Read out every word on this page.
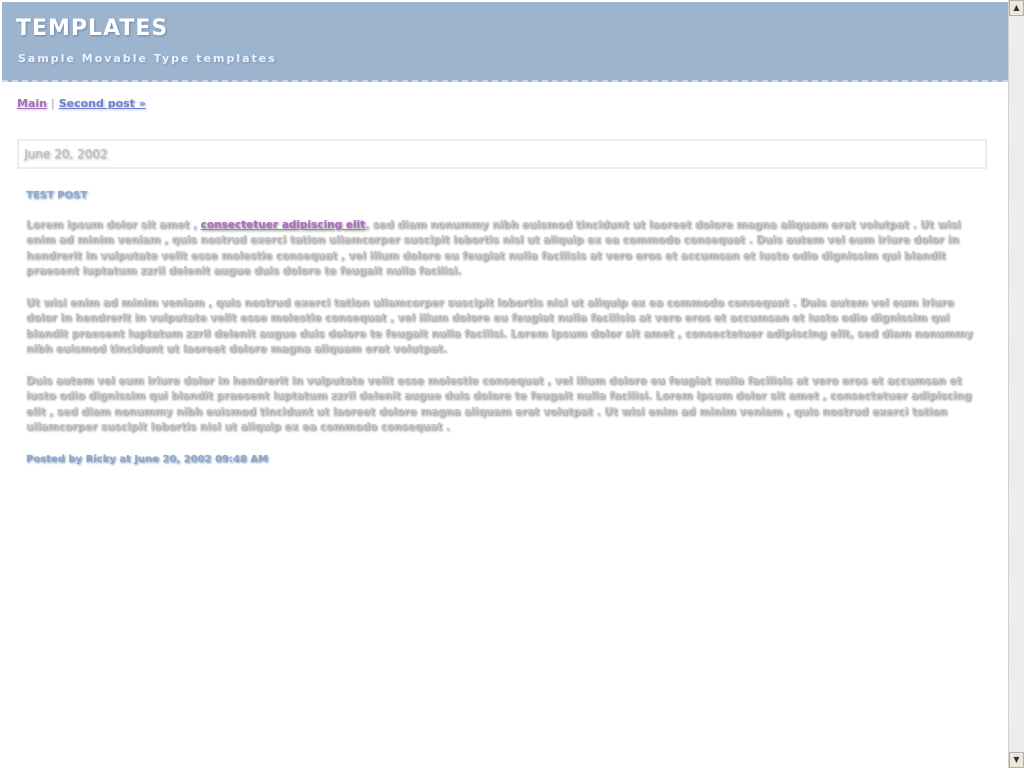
TEMPLATES
Sample Movable Type templates
Main | Second post »
June 20, 2002
TEST POST

Lorem ipsum dolor sit amet , consectetuer adipiscing elit, sed diam nonummy nibh euismod tincidunt ut laoreet dolore magna aliquam erat volutpat . Ut wisi enim ad minim veniam , quis nostrud exerci tation ullamcorper suscipit lobortis nisl ut aliquip ex ea commodo consequat . Duis autem vel eum iriure dolor in hendrerit in vulputate velit esse molestie consequat , vel illum dolore eu feugiat nulla facilisis at vero eros et accumsan et iusto odio dignissim qui blandit praesent luptatum zzril delenit augue duis dolore te feugait nulla facilisi.

Ut wisi enim ad minim veniam , quis nostrud exerci tation ullamcorper suscipit lobortis nisl ut aliquip ex ea commodo consequat . Duis autem vel eum iriure dolor in hendrerit in vulputate velit esse molestie consequat , vel illum dolore eu feugiat nulla facilisis at vero eros et accumsan et iusto odio dignissim qui blandit praesent luptatum zzril delenit augue duis dolore te feugait nulla facilisi. Lorem ipsum dolor sit amet , consectetuer adipiscing elit, sed diam nonummy nibh euismod tincidunt ut laoreet dolore magna aliquam erat volutpat.

Duis autem vel eum iriure dolor in hendrerit in vulputate velit esse molestie consequat , vel illum dolore eu feugiat nulla facilisis at vero eros et accumsan et iusto odio dignissim qui blandit praesent luptatum zzril delenit augue duis dolore te feugait nulla facilisi. Lorem ipsum dolor sit amet , consectetuer adipiscing elit , sed diam nonummy nibh euismod tincidunt ut laoreet dolore magna aliquam erat volutpat . Ut wisi enim ad minim veniam , quis nostrud exerci tation ullamcorper suscipit lobortis nisl ut aliquip ex ea commodo consequat .

Posted by Ricky at June 20, 2002 09:48 AM
▲
▼
